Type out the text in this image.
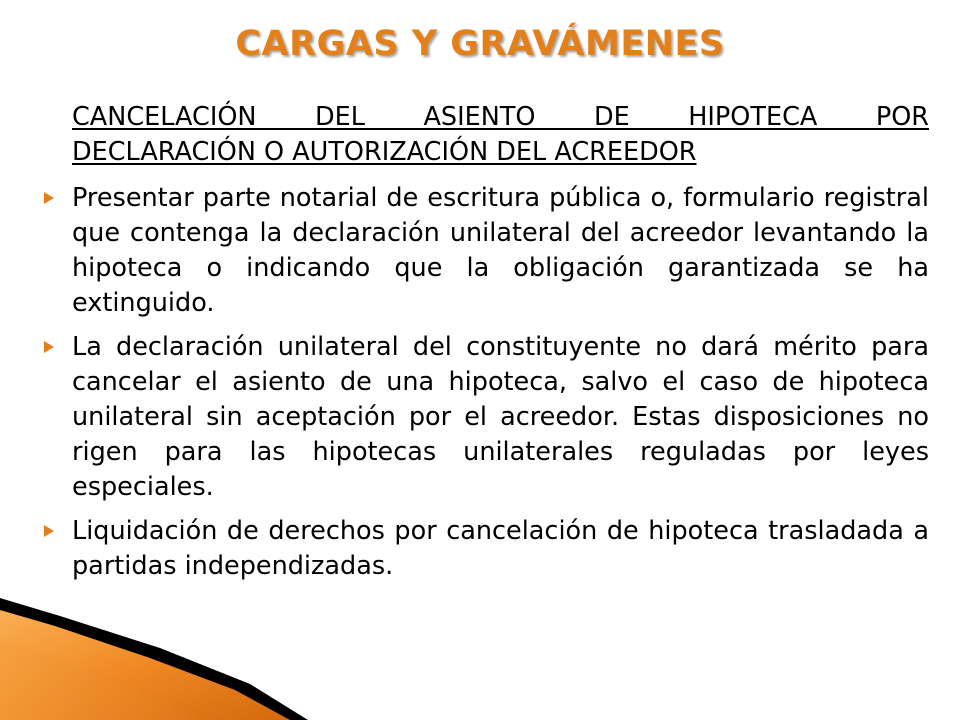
CARGAS Y GRAVÁMENES
CANCELACIÓN DEL ASIENTO DE HIPOTECA POR
DECLARACIÓN O AUTORIZACIÓN DEL ACREEDOR
Presentar parte notarial de escritura pública o, formulario registral que contenga la declaración unilateral del acreedor levantando la hipoteca o indicando que la obligación garantizada se ha extinguido.
La declaración unilateral del constituyente no dará mérito para cancelar el asiento de una hipoteca, salvo el caso de hipoteca unilateral sin aceptación por el acreedor. Estas disposiciones no rigen para las hipotecas unilaterales reguladas por leyes especiales.
Liquidación de derechos por cancelación de hipoteca trasladada a partidas independizadas.
